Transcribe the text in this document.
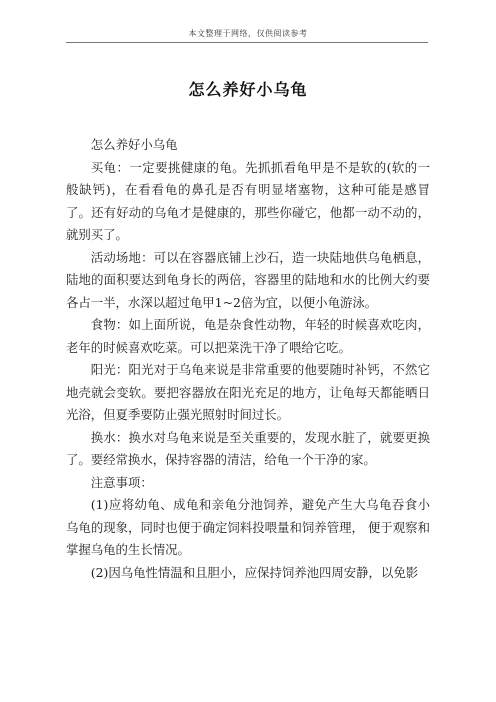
本文整理于网络，仅供阅读参考
怎么养好小乌龟

怎么养好小乌龟

买龟：一定要挑健康的龟。先抓抓看龟甲是不是软的(软的一般缺钙)，在看看龟的鼻孔是否有明显堵塞物，这种可能是感冒了。还有好动的乌龟才是健康的，那些你碰它，他都一动不动的，就别买了。

活动场地：可以在容器底铺上沙石，造一块陆地供乌龟栖息，陆地的面积要达到龟身长的两倍，容器里的陆地和水的比例大约要各占一半，水深以超过龟甲1~2倍为宜，以便小龟游泳。

食物：如上面所说，龟是杂食性动物，年轻的时候喜欢吃肉，老年的时候喜欢吃菜。可以把菜洗干净了喂给它吃。

阳光：阳光对于乌龟来说是非常重要的他要随时补钙，不然它地壳就会变软。要把容器放在阳光充足的地方，让龟每天都能晒日光浴，但夏季要防止强光照射时间过长。

换水：换水对乌龟来说是至关重要的，发现水脏了，就要更换了。要经常换水，保持容器的清洁，给龟一个干净的家。

注意事项：

(1)应将幼龟、成龟和亲龟分池饲养，避免产生大乌龟吞食小乌龟的现象，同时也便于确定饲料投喂量和饲养管理， 便于观察和掌握乌龟的生长情况。

(2)因乌龟性情温和且胆小，应保持饲养池四周安静，以免影
